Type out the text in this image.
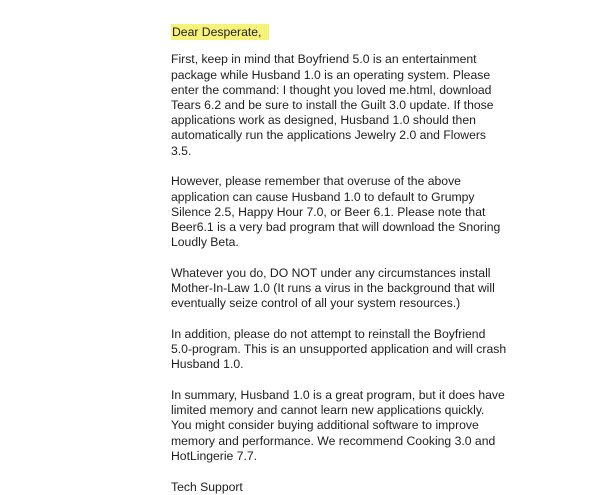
Dear Desperate,

First, keep in mind that Boyfriend 5.0 is an entertainment
package while Husband 1.0 is an operating system. Please
enter the command: I thought you loved me.html, download
Tears 6.2 and be sure to install the Guilt 3.0 update. If those
applications work as designed, Husband 1.0 should then
automatically run the applications Jewelry 2.0 and Flowers
3.5.

However, please remember that overuse of the above
application can cause Husband 1.0 to default to Grumpy
Silence 2.5, Happy Hour 7.0, or Beer 6.1. Please note that
Beer6.1 is a very bad program that will download the Snoring
Loudly Beta.

Whatever you do, DO NOT under any circumstances install
Mother-In-Law 1.0 (It runs a virus in the background that will
eventually seize control of all your system resources.)

In addition, please do not attempt to reinstall the Boyfriend
5.0-program. This is an unsupported application and will crash
Husband 1.0.

In summary, Husband 1.0 is a great program, but it does have
limited memory and cannot learn new applications quickly.
You might consider buying additional software to improve
memory and performance. We recommend Cooking 3.0 and
HotLingerie 7.7.

Tech Support
